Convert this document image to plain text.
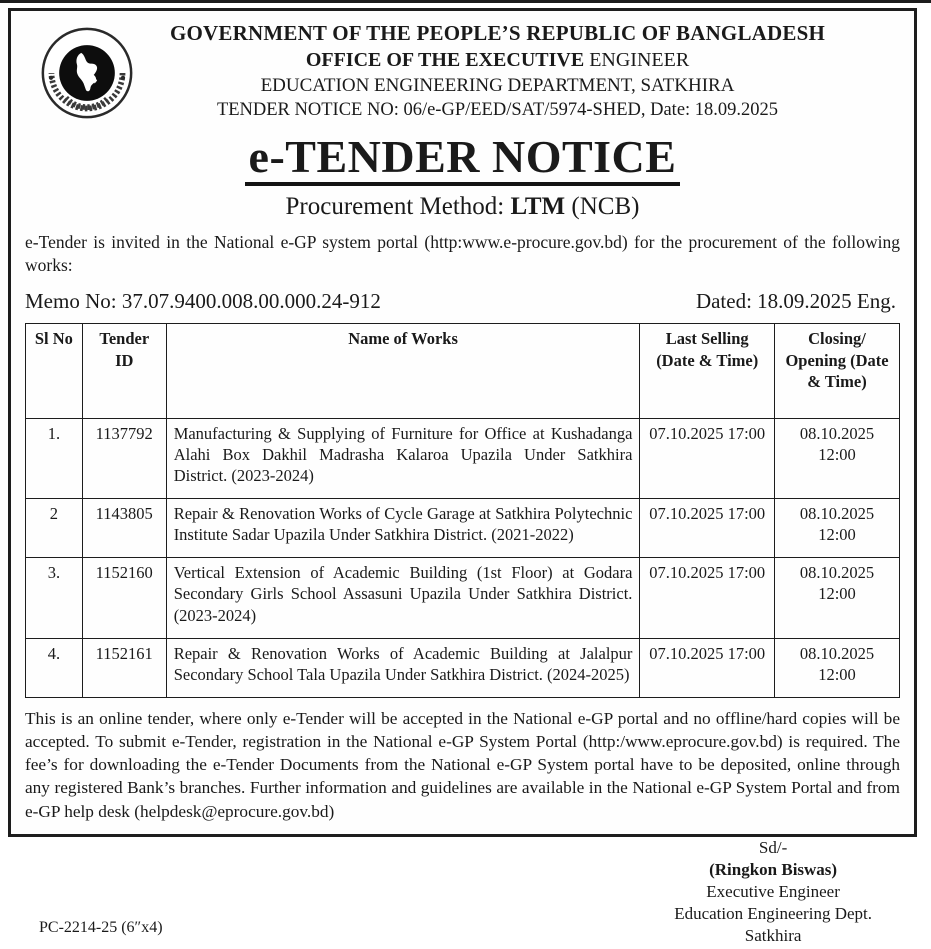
GOVERNMENT OF THE PEOPLE’S REPUBLIC OF BANGLADESH
OFFICE OF THE EXECUTIVE ENGINEER
EDUCATION ENGINEERING DEPARTMENT, SATKHIRA
TENDER NOTICE NO: 06/e-GP/EED/SAT/5974-SHED, Date: 18.09.2025
e-TENDER NOTICE
Procurement Method: LTM (NCB)

e-Tender is invited in the National e-GP system portal (http:www.e-procure.gov.bd) for the procurement of the following works:

Memo No: 37.07.9400.008.00.000.24-912	Dated: 18.09.2025 Eng.
Sl No	Tender ID	Name of Works	Last Selling (Date & Time)	Closing/ Opening (Date & Time)
1.	1137792	Manufacturing & Supplying of Furniture for Office at Kushadanga Alahi Box Dakhil Madrasha Kalaroa Upazila Under Satkhira District. (2023-2024)	07.10.2025 17:00	08.10.2025 12:00
2	1143805	Repair & Renovation Works of Cycle Garage at Satkhira Polytechnic Institute Sadar Upazila Under Satkhira District. (2021-2022)	07.10.2025 17:00	08.10.2025 12:00
3.	1152160	Vertical Extension of Academic Building (1st Floor) at Godara Secondary Girls School Assasuni Upazila Under Satkhira District. (2023-2024)	07.10.2025 17:00	08.10.2025 12:00
4.	1152161	Repair & Renovation Works of Academic Building at Jalalpur Secondary School Tala Upazila Under Satkhira District. (2024-2025)	07.10.2025 17:00	08.10.2025 12:00

This is an online tender, where only e-Tender will be accepted in the National e-GP portal and no offline/hard copies will be accepted. To submit e-Tender, registration in the National e-GP System Portal (http:/www.eprocure.gov.bd) is required. The fee’s for downloading the e-Tender Documents from the National e-GP System portal have to be deposited, online through any registered Bank’s branches. Further information and guidelines are available in the National e-GP System Portal and from e-GP help desk (helpdesk@eprocure.gov.bd)

PC-2214-25 (6″x4)
Sd/-
(Ringkon Biswas)
Executive Engineer
Education Engineering Dept.
Satkhira
